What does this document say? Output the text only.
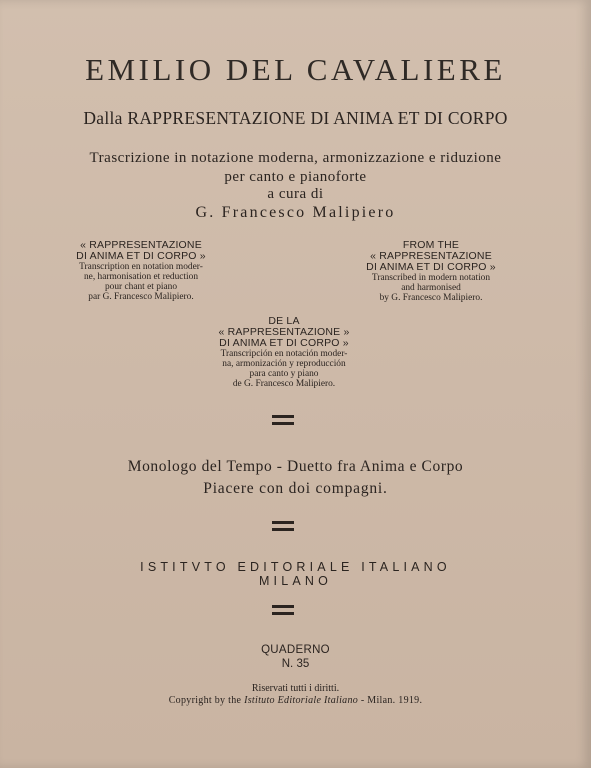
EMILIO DEL CAVALIERE
Dalla RAPPRESENTAZIONE DI ANIMA ET DI CORPO
Trascrizione in notazione moderna, armonizzazione e riduzione
per canto e pianoforte
a cura di
G. Francesco Malipiero
« RAPPRESENTAZIONE
DI ANIMA ET DI CORPO »
Transcription en notation moder-
ne, harmonisation et reduction
pour chant et piano
par G. Francesco Malipiero.
FROM THE
« RAPPRESENTAZIONE
DI ANIMA ET DI CORPO »
Transcribed in modern notation
and harmonised
by G. Francesco Malipiero.
DE LA
« RAPPRESENTAZIONE »
DI ANIMA ET DI CORPO »
Transcripción en notación moder-
na, armonización y reproducción
para canto y piano
de G. Francesco Malipiero.
Monologo del Tempo - Duetto fra Anima e Corpo
Piacere con doi compagni.
ISTITVTO EDITORIALE ITALIANO
MILANO
QUADERNO
N. 35
Riservati tutti i diritti.
Copyright by the Istituto Editoriale Italiano - Milan. 1919.
